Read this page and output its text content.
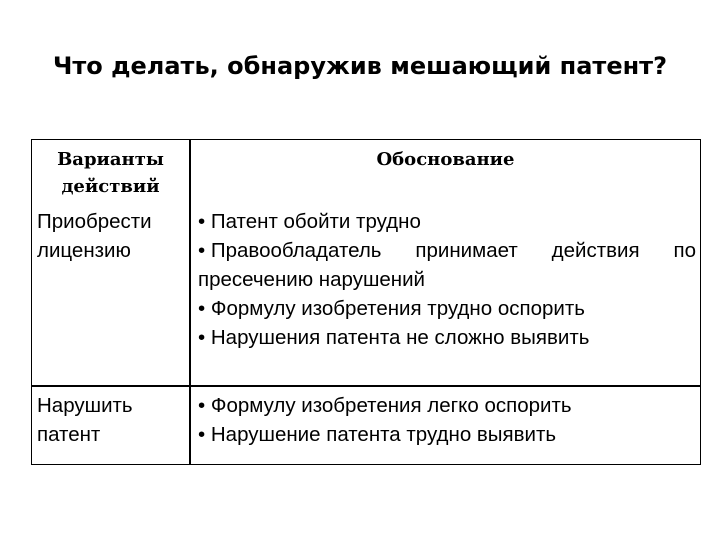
Что делать, обнаружив мешающий патент?
Варианты
действий
Обоснование
Приобрести
лицензию
• Патент обойти трудно
• Правообладатель принимает действия по
пресечению нарушений
• Формулу изобретения трудно оспорить
• Нарушения патента не сложно выявить
Нарушить
патент
• Формулу изобретения легко оспорить
• Нарушение патента трудно выявить
